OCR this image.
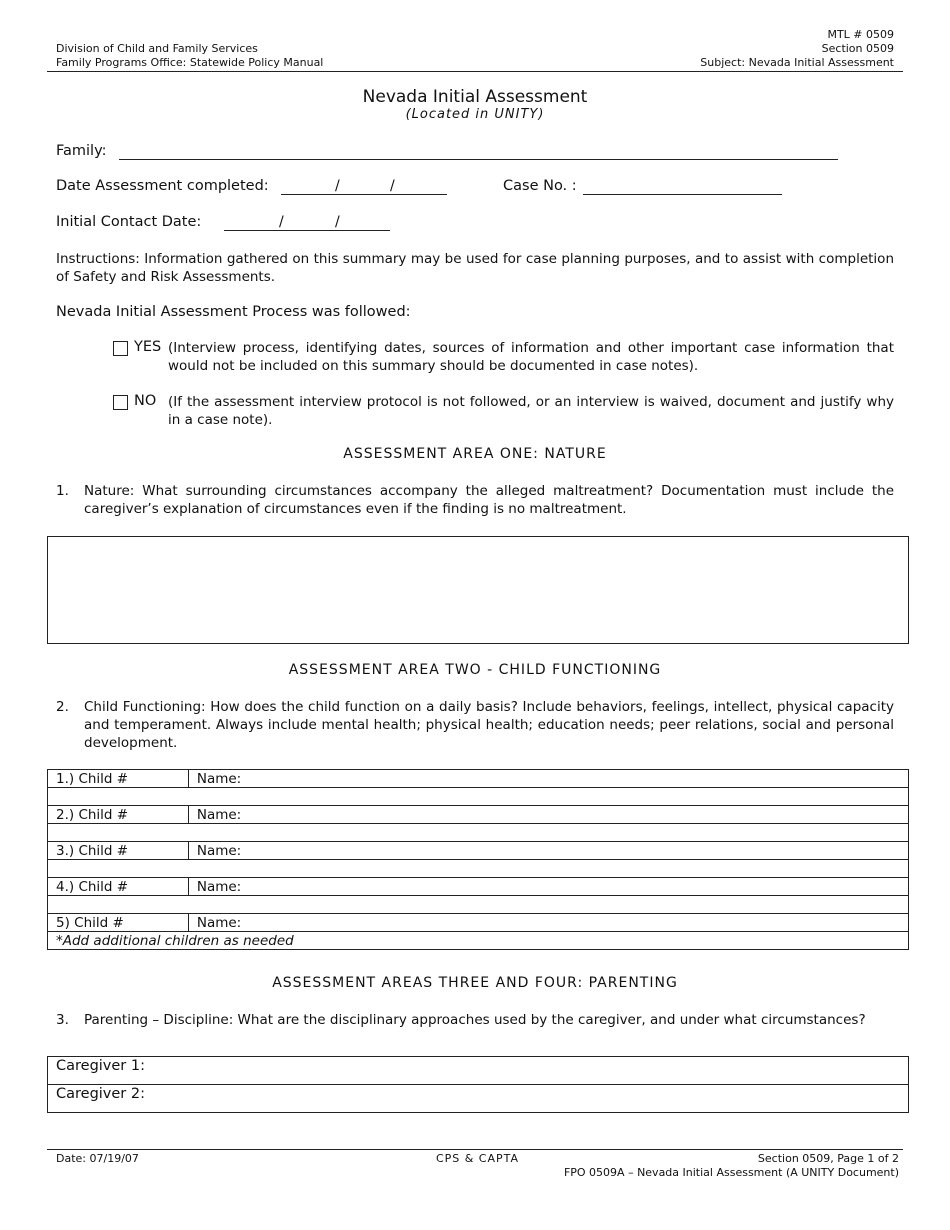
Division of Child and Family Services
Family Programs Office: Statewide Policy Manual
MTL # 0509
Section 0509
Subject: Nevada Initial Assessment
Nevada Initial Assessment
(Located in UNITY)
Family:
Date Assessment completed:	/	/	Case No. :
Initial Contact Date:	/	/
Instructions: Information gathered on this summary may be used for case planning purposes, and to assist with completion of Safety and Risk Assessments.
Nevada Initial Assessment Process was followed:
YES (Interview process, identifying dates, sources of information and other important case information that would not be included on this summary should be documented in case notes).
NO (If the assessment interview protocol is not followed, or an interview is waived, document and justify why in a case note).
ASSESSMENT AREA ONE: NATURE
1. Nature: What surrounding circumstances accompany the alleged maltreatment? Documentation must include the caregiver’s explanation of circumstances even if the finding is no maltreatment.
ASSESSMENT AREA TWO - CHILD FUNCTIONING
2. Child Functioning: How does the child function on a daily basis? Include behaviors, feelings, intellect, physical capacity and temperament. Always include mental health; physical health; education needs; peer relations, social and personal development.
1.) Child #	Name:

2.) Child #	Name:

3.) Child #	Name:

4.) Child #	Name:

5) Child #	Name:
*Add additional children as needed	
ASSESSMENT AREAS THREE AND FOUR: PARENTING
3. Parenting – Discipline: What are the disciplinary approaches used by the caregiver, and under what circumstances?
Caregiver 1:
Caregiver 2:
Date: 07/19/07	CPS & CAPTA	Section 0509, Page 1 of 2
FPO 0509A – Nevada Initial Assessment (A UNITY Document)
